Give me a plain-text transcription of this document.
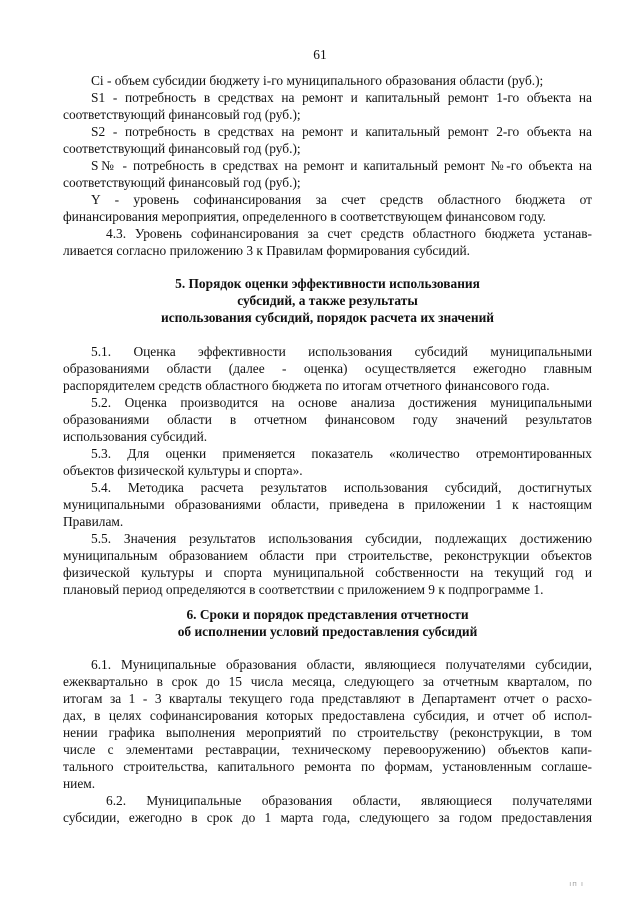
61
Ci - объем субсидии бюджету i-го муниципального образования области (руб.);
S1 - потребность в средствах на ремонт и капитальный ремонт 1-го объекта на
соответствующий финансовый год (руб.);
S2 - потребность в средствах на ремонт и капитальный ремонт 2-го объекта на
соответствующий финансовый год (руб.);
S№ - потребность в средствах на ремонт и капитальный ремонт №-го объекта на
соответствующий финансовый год (руб.);
Y - уровень софинансирования за счет средств областного бюджета от
финансирования мероприятия, определенного в соответствующем финансовом году.
4.3. Уровень софинансирования за счет средств областного бюджета устанав-
ливается согласно приложению 3 к Правилам формирования субсидий.
5. Порядок оценки эффективности использования
субсидий, а также результаты
использования субсидий, порядок расчета их значений
5.1. Оценка эффективности использования субсидий муниципальными
образованиями области (далее - оценка) осуществляется ежегодно главным
распорядителем средств областного бюджета по итогам отчетного финансового года.
5.2. Оценка производится на основе анализа достижения муниципальными
образованиями области в отчетном финансовом году значений результатов
использования субсидий.
5.3. Для оценки применяется показатель «количество отремонтированных
объектов физической культуры и спорта».
5.4. Методика расчета результатов использования субсидий, достигнутых
муниципальными образованиями области, приведена в приложении 1 к настоящим
Правилам.
5.5. Значения результатов использования субсидии, подлежащих достижению
муниципальным образованием области при строительстве, реконструкции объектов
физической культуры и спорта муниципальной собственности на текущий год и
плановый период определяются в соответствии с приложением 9 к подпрограмме 1.
6. Сроки и порядок представления отчетности
об исполнении условий предоставления субсидий
6.1. Муниципальные образования области, являющиеся получателями субсидии,
ежеквартально в срок до 15 числа месяца, следующего за отчетным кварталом, по
итогам за 1 - 3 кварталы текущего года представляют в Департамент отчет о расхо-
дах, в целях софинансирования которых предоставлена субсидия, и отчет об испол-
нении графика выполнения мероприятий по строительству (реконструкции, в том
числе с элементами реставрации, техническому перевооружению) объектов капи-
тального строительства, капитального ремонта по формам, установленным соглаше-
нием.
6.2. Муниципальные образования области, являющиеся получателями
субсидии, ежегодно в срок до 1 марта года, следующего за годом предоставления
ıп ı
